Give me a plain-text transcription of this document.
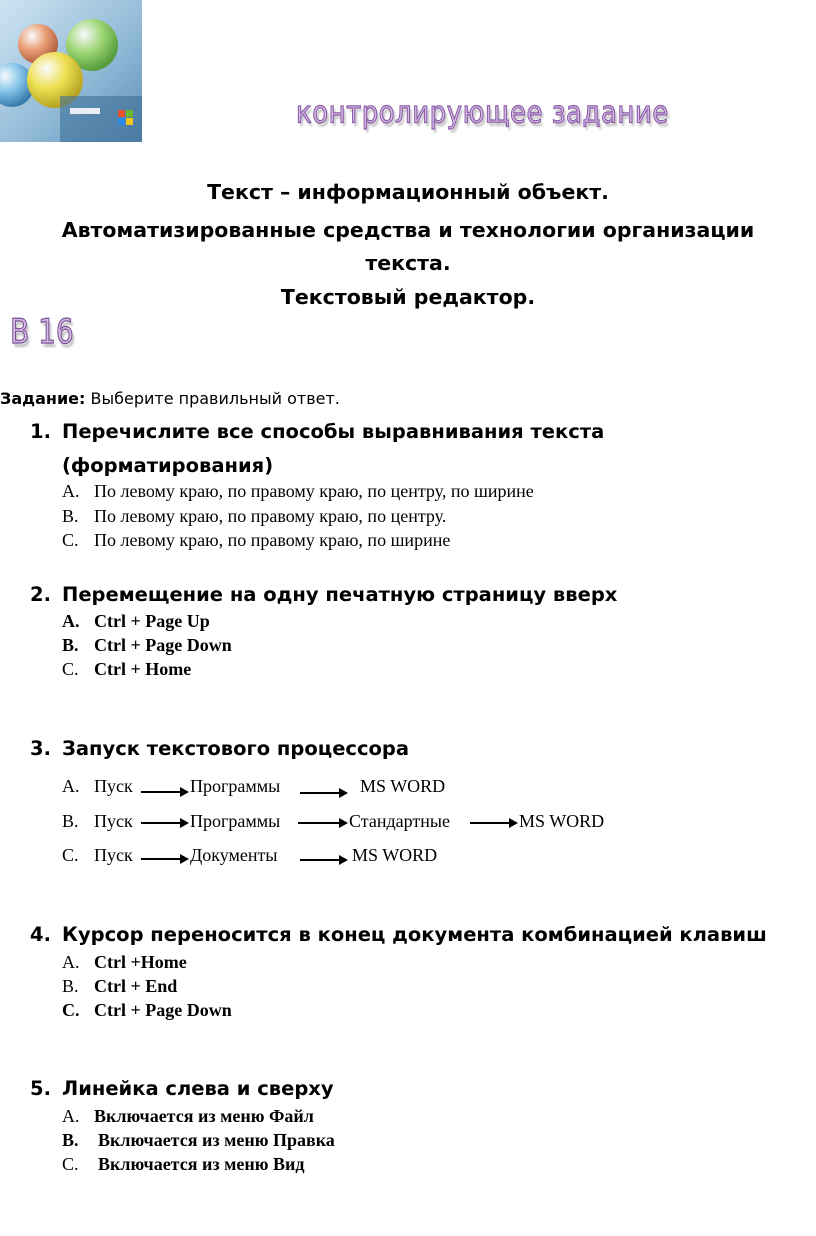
контролирующее задание
Текст – информационный объект.
Автоматизированные средства и технологии организации
текста.
Текстовый редактор.
В 16
Задание: Выберите правильный ответ.
1. Перечислите все способы выравнивания текста
(форматирования)
A. По левому краю, по правому краю, по центру, по ширине
B. По левому краю, по правому краю, по центру.
C. По левому краю, по правому краю, по ширине
2. Перемещение на одну печатную страницу вверх
A. Ctrl + Page Up
B. Ctrl + Page Down
C. Ctrl + Home
3. Запуск текстового процессора
A. Пуск	Программы	MS WORD
B. Пуск	Программы	Стандартные	MS WORD
C. Пуск	Документы	MS WORD
4. Курсор переносится в конец документа комбинацией клавиш
A. Ctrl +Home
B. Ctrl + End
C. Ctrl + Page Down
5. Линейка слева и сверху
A. Включается из меню Файл
B. Включается из меню Правка
C. Включается из меню Вид
